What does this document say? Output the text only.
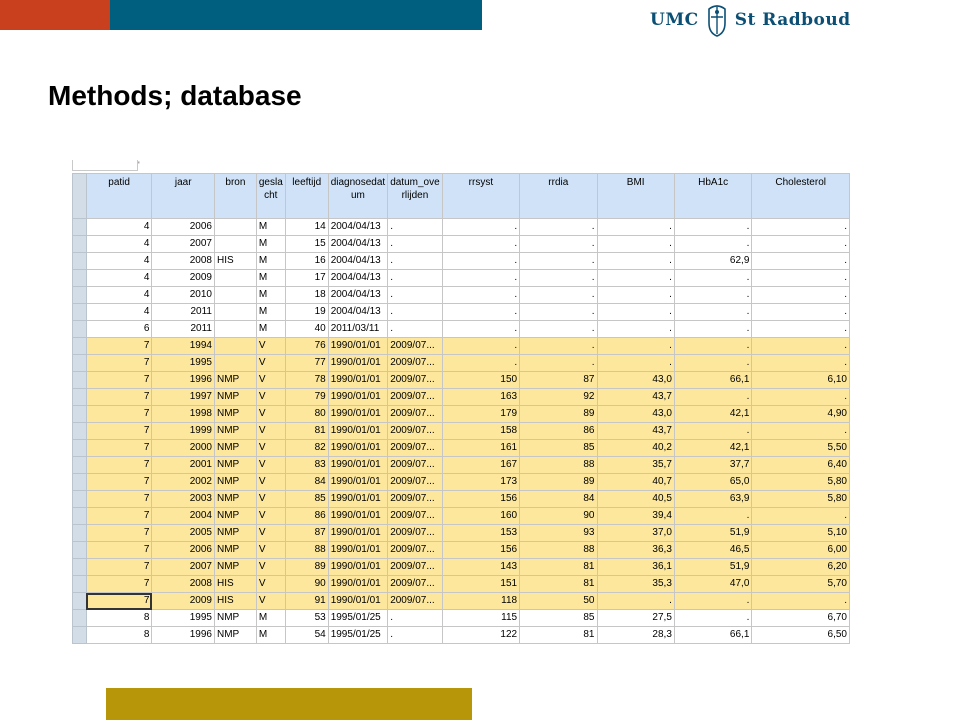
UMC St Radboud
Methods; database
'
	patid	jaar	bron	gesla cht	leeftijd	diagnosedat um	datum_ove rlijden	rrsyst	rrdia	BMI	HbA1c	Cholesterol
	4	2006		M	14	2004/04/13	.	.	.	.	.	.
	4	2007		M	15	2004/04/13	.	.	.	.	.	.
	4	2008	HIS	M	16	2004/04/13	.	.	.	.	62,9	.
	4	2009		M	17	2004/04/13	.	.	.	.	.	.
	4	2010		M	18	2004/04/13	.	.	.	.	.	.
	4	2011		M	19	2004/04/13	.	.	.	.	.	.
	6	2011		M	40	2011/03/11	.	.	.	.	.	.
	7	1994		V	76	1990/01/01	2009/07...	.	.	.	.	.
	7	1995		V	77	1990/01/01	2009/07...	.	.	.	.	.
	7	1996	NMP	V	78	1990/01/01	2009/07...	150	87	43,0	66,1	6,10
	7	1997	NMP	V	79	1990/01/01	2009/07...	163	92	43,7	.	.
	7	1998	NMP	V	80	1990/01/01	2009/07...	179	89	43,0	42,1	4,90
	7	1999	NMP	V	81	1990/01/01	2009/07...	158	86	43,7	.	.
	7	2000	NMP	V	82	1990/01/01	2009/07...	161	85	40,2	42,1	5,50
	7	2001	NMP	V	83	1990/01/01	2009/07...	167	88	35,7	37,7	6,40
	7	2002	NMP	V	84	1990/01/01	2009/07...	173	89	40,7	65,0	5,80
	7	2003	NMP	V	85	1990/01/01	2009/07...	156	84	40,5	63,9	5,80
	7	2004	NMP	V	86	1990/01/01	2009/07...	160	90	39,4	.	.
	7	2005	NMP	V	87	1990/01/01	2009/07...	153	93	37,0	51,9	5,10
	7	2006	NMP	V	88	1990/01/01	2009/07...	156	88	36,3	46,5	6,00
	7	2007	NMP	V	89	1990/01/01	2009/07...	143	81	36,1	51,9	6,20
	7	2008	HIS	V	90	1990/01/01	2009/07...	151	81	35,3	47,0	5,70
	7	2009	HIS	V	91	1990/01/01	2009/07...	118	50	.	.	.
	8	1995	NMP	M	53	1995/01/25	.	115	85	27,5	.	6,70
	8	1996	NMP	M	54	1995/01/25	.	122	81	28,3	66,1	6,50
